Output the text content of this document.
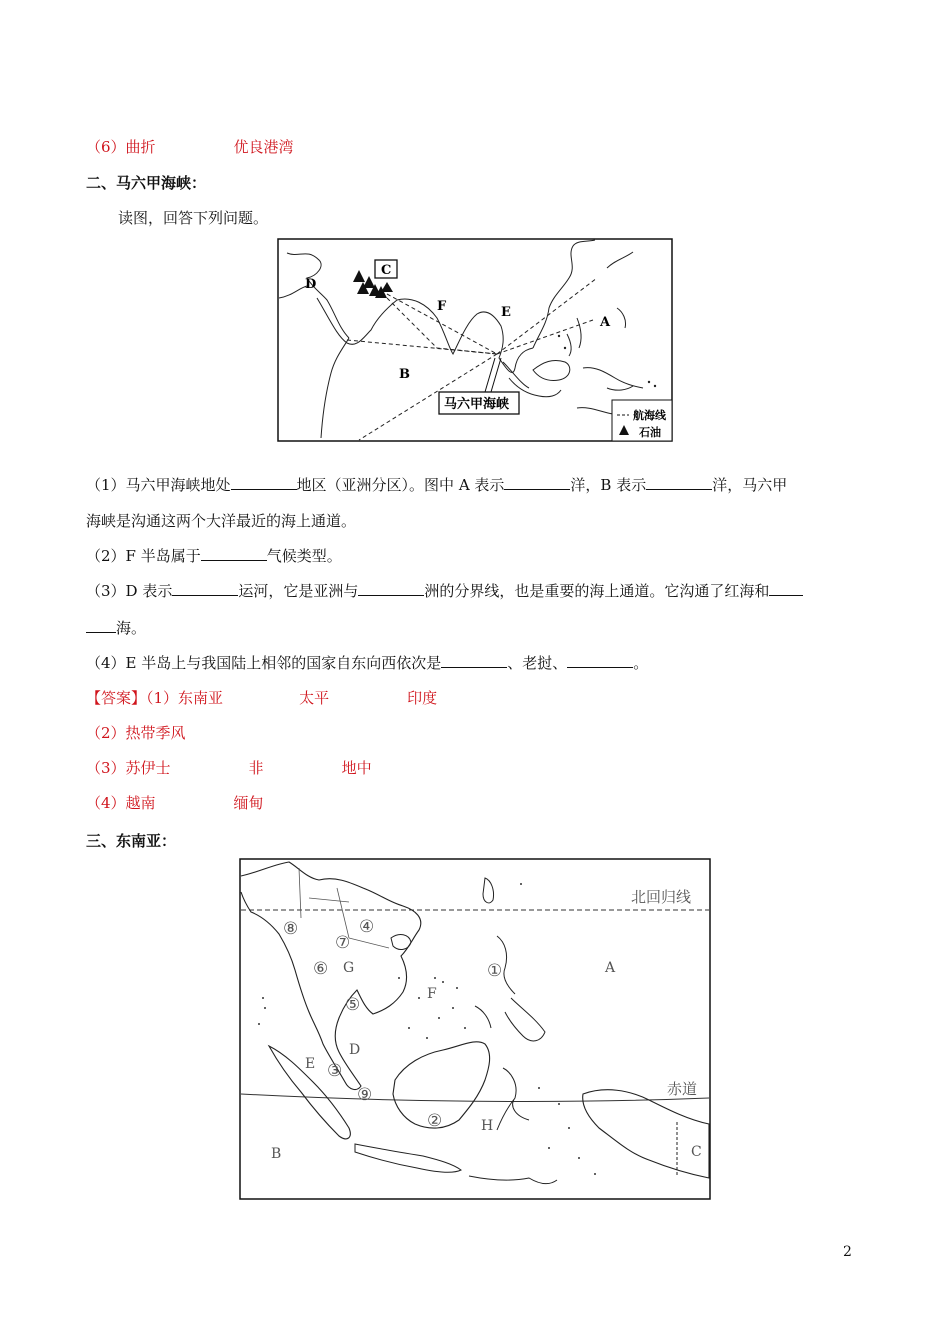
（6）曲折	优良港湾
二、马六甲海峡：
读图，回答下列问题。
C
D
F	E
A
B
马六甲海峡
航海线
石油
（1）马六甲海峡地处	地区（亚洲分区）。图中 A 表示	洋，B 表示	洋，马六甲
海峡是沟通这两个大洋最近的海上通道。
（2）F 半岛属于	气候类型。
（3）D 表示	运河，它是亚洲与	洲的分界线，也是重要的海上通道。它沟通了红海和
海。
（4）E 半岛上与我国陆上相邻的国家自东向西依次是	、老挝、	。
【答案】（1）东南亚	太平	印度
（2）热带季风
（3）苏伊士	非	地中
（4）越南	缅甸
三、东南亚：
北回归线
赤道
A
B	C
D
E
F
G
H
①
②
③
④
⑤
⑥
⑦
⑧
⑨
2
